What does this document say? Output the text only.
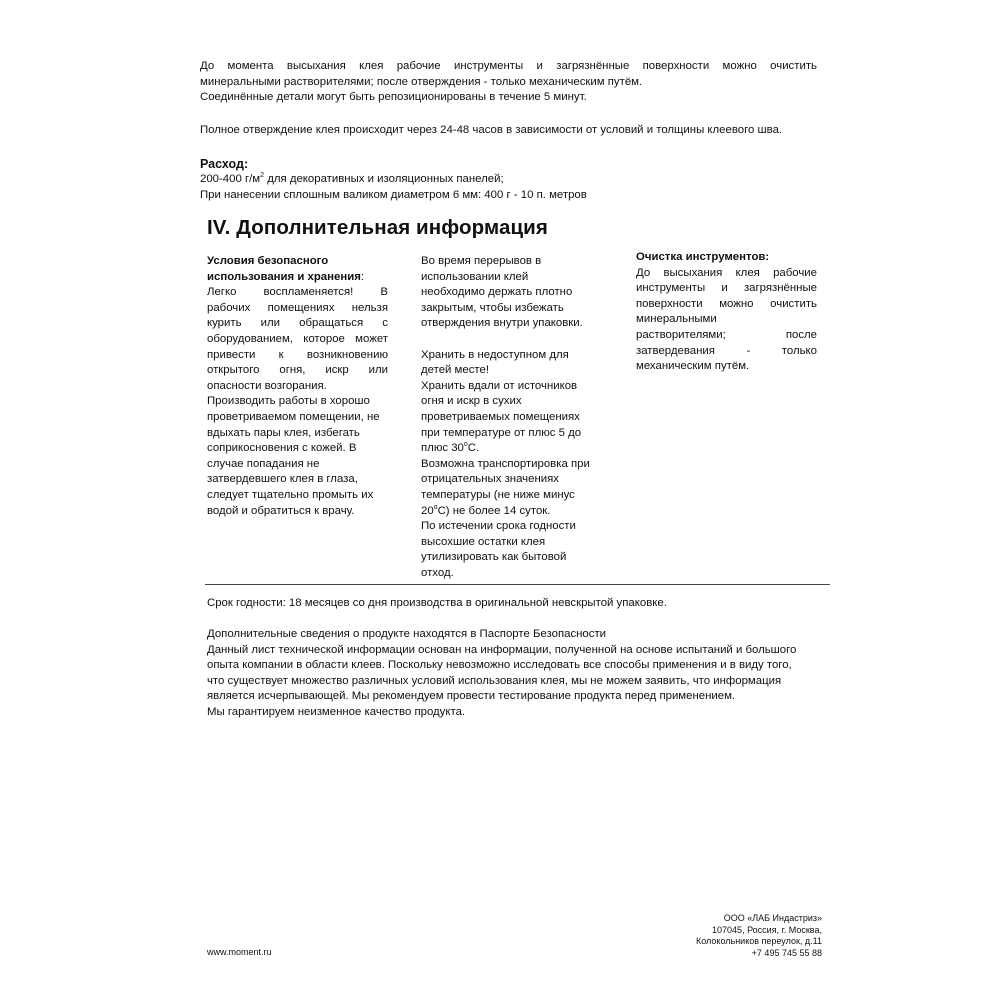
До момента высыхания клея рабочие инструменты и загрязнённые поверхности можно очистить
минеральными растворителями; после отверждения - только механическим путём.
Соединённые детали могут быть репозиционированы в течение 5 минут.

Полное отверждение клея происходит через 24-48 часов в зависимости от условий и толщины клеевого шва.

Расход:

200-400 $г/м^2$ для декоративных и изоляционных панелей;
При нанесении сплошным валиком диаметром 6 мм: 400 г - 10 п. метров

IV. Дополнительная информация
Условия безопасного
использования и хранения:
Легко воспламеняется! В
рабочих помещениях нельзя
курить или обращаться с
оборудованием, которое может
привести к возникновению
открытого огня, искр или
опасности возгорания.
Производить работы в хорошо
проветриваемом помещении, не
вдыхать пары клея, избегать
соприкосновения с кожей. В
случае попадания не
затвердевшего клея в глаза,
следует тщательно промыть их
водой и обратиться к врачу.
Во время перерывов в
использовании клей
необходимо держать плотно
закрытым, чтобы избежать
отверждения внутри упаковки.
Хранить в недоступном для
детей месте!
Хранить вдали от источников
огня и искр в сухих
проветриваемых помещениях
при температуре от плюс 5 до
плюс 30$^o$С.
Возможна транспортировка при
отрицательных значениях
температуры (не ниже минус
20$^o$С) не более 14 суток.
По истечении срока годности
высохшие остатки клея
утилизировать как бытовой
отход.
Очистка инструментов:
До высыхания клея рабочие
инструменты и загрязнённые
поверхности можно очистить
минеральными
растворителями;	после
затвердевания	-	только
механическим путём.

Срок годности: 18 месяцев со дня производства в оригинальной невскрытой упаковке.

Дополнительные сведения о продукте находятся в Паспорте Безопасности
Данный лист технической информации основан на информации, полученной на основе испытаний и большого
опыта компании в области клеев. Поскольку невозможно исследовать все способы применения и в виду того,
что существует множество различных условий использования клея, мы не можем заявить, что информация
является исчерпывающей. Мы рекомендуем провести тестирование продукта перед применением.
Мы гарантируем неизменное качество продукта.

www.moment.ru

ООО «ЛАБ Индастриз»
107045, Россия, г. Москва,
Колокольников переулок, д.11
+7 495 745 55 88
